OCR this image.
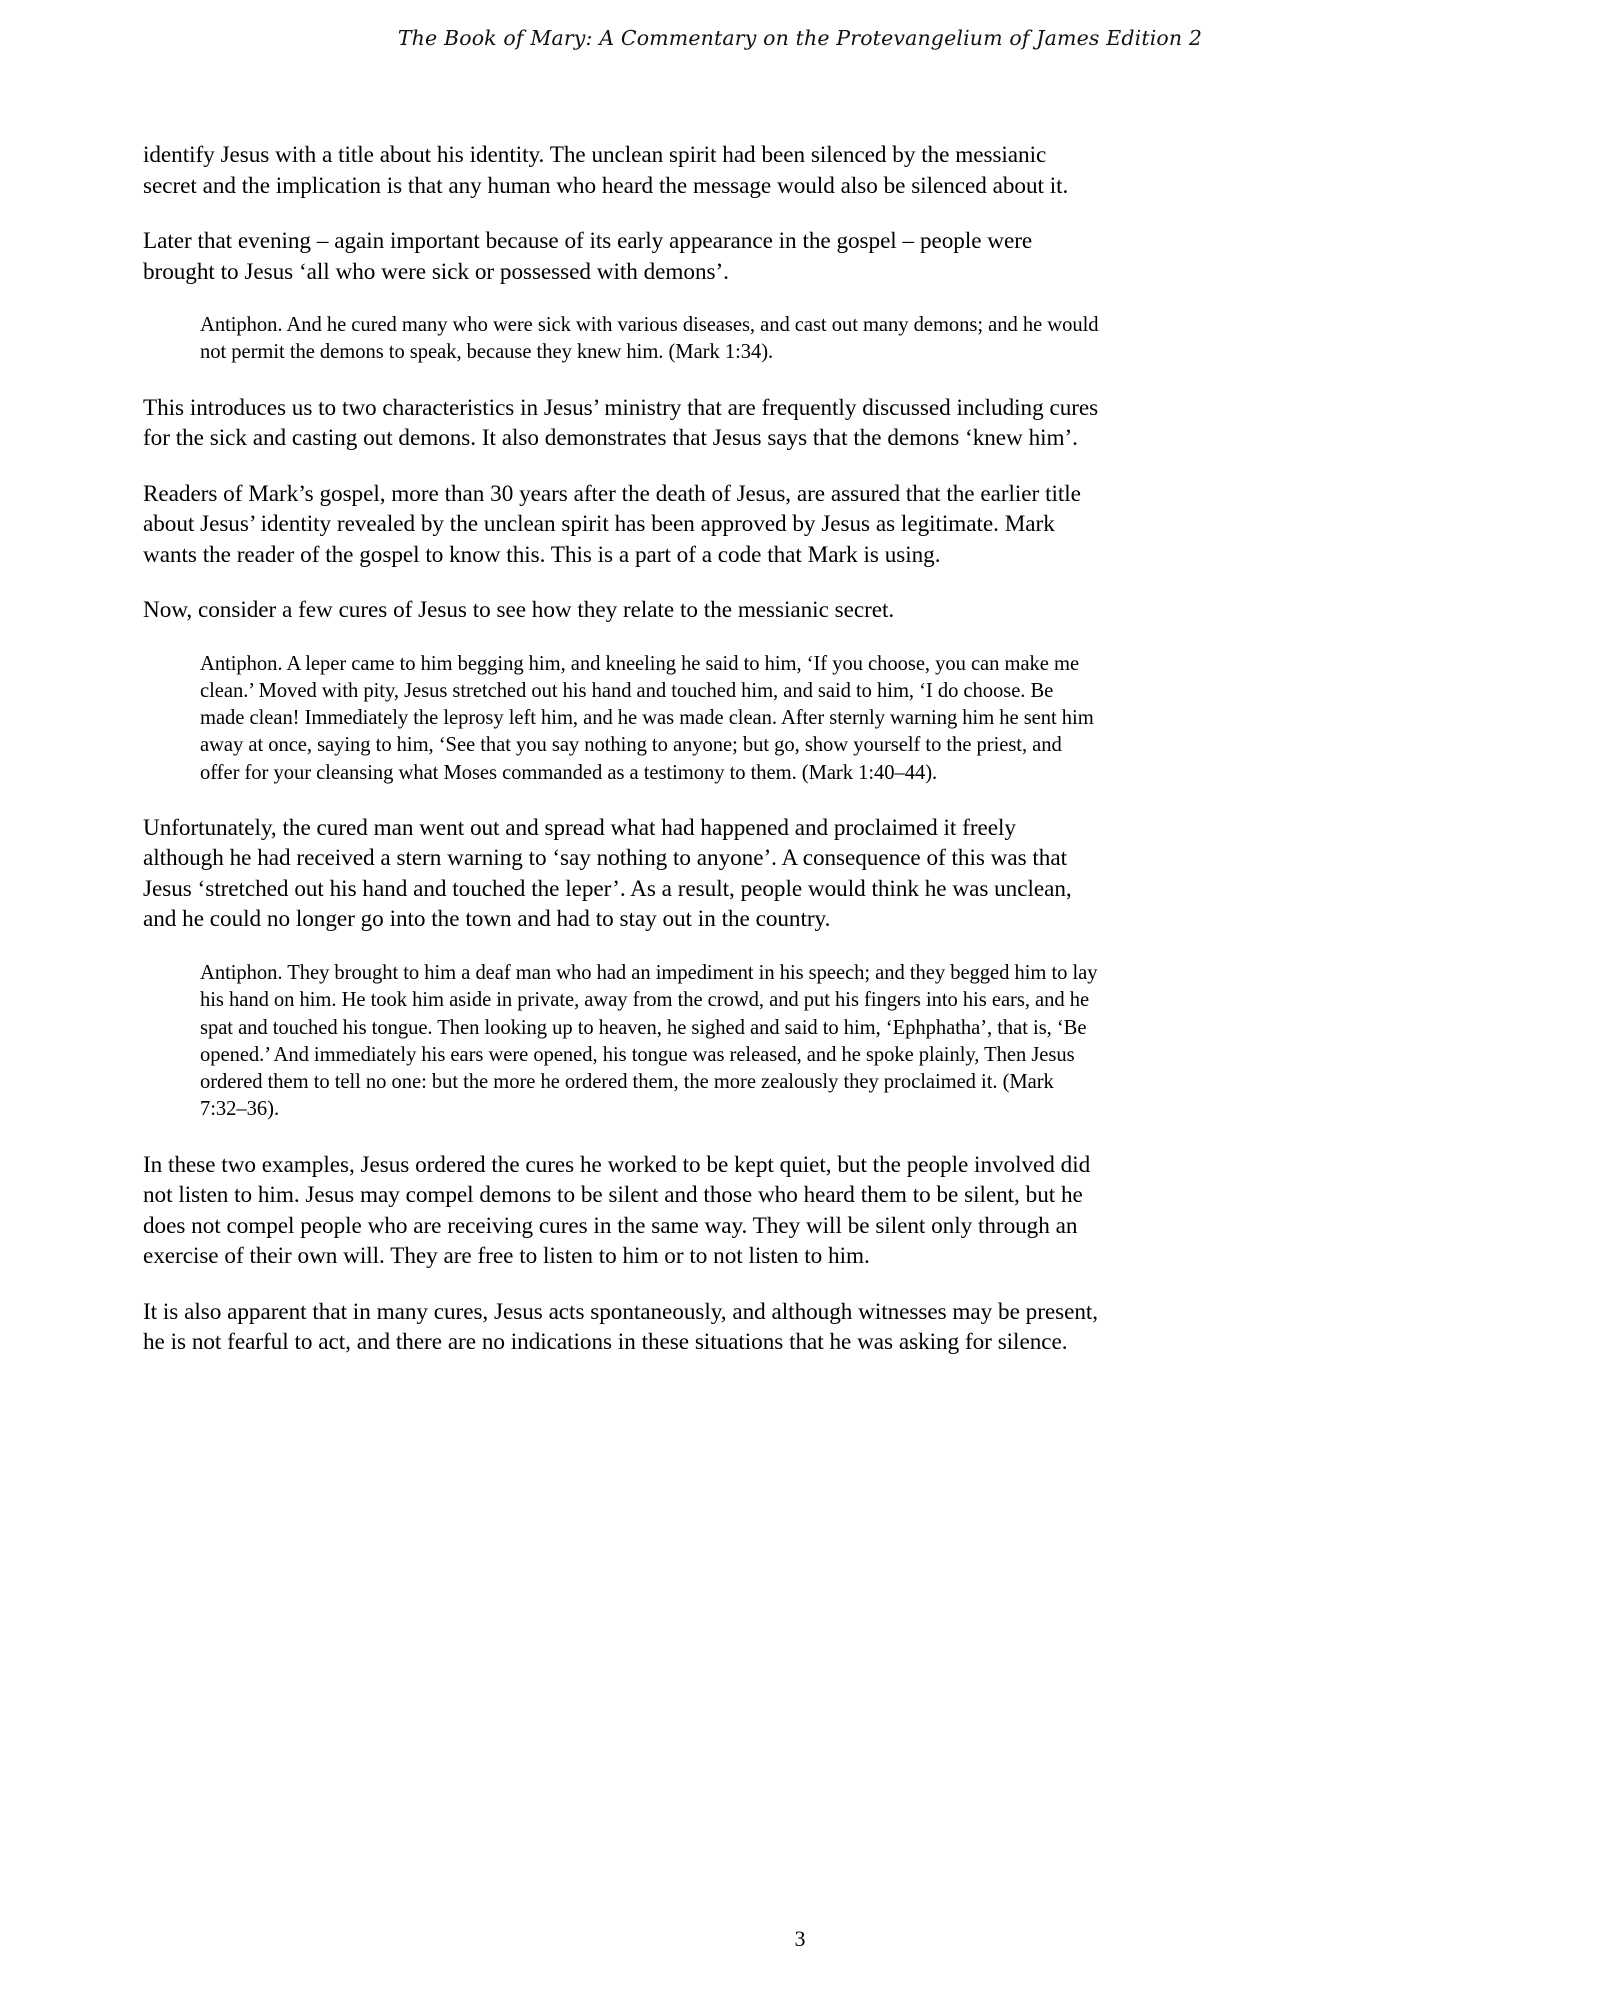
The Book of Mary: A Commentary on the Protevangelium of James Edition 2

identify Jesus with a title about his identity. The unclean spirit had been silenced by the messianic secret and the implication is that any human who heard the message would also be silenced about it.

Later that evening – again important because of its early appearance in the gospel – people were brought to Jesus ‘all who were sick or possessed with demons’.

Antiphon. And he cured many who were sick with various diseases, and cast out many demons; and he would not permit the demons to speak, because they knew him. (Mark 1:34).

This introduces us to two characteristics in Jesus’ ministry that are frequently discussed including cures for the sick and casting out demons. It also demonstrates that Jesus says that the demons ‘knew him’.

Readers of Mark’s gospel, more than 30 years after the death of Jesus, are assured that the earlier title about Jesus’ identity revealed by the unclean spirit has been approved by Jesus as legitimate. Mark wants the reader of the gospel to know this. This is a part of a code that Mark is using.

Now, consider a few cures of Jesus to see how they relate to the messianic secret.

Antiphon. A leper came to him begging him, and kneeling he said to him, ‘If you choose, you can make me clean.’ Moved with pity, Jesus stretched out his hand and touched him, and said to him, ‘I do choose. Be made clean! Immediately the leprosy left him, and he was made clean. After sternly warning him he sent him away at once, saying to him, ‘See that you say nothing to anyone; but go, show yourself to the priest, and offer for your cleansing what Moses commanded as a testimony to them. (Mark 1:40–44).

Unfortunately, the cured man went out and spread what had happened and proclaimed it freely although he had received a stern warning to ‘say nothing to anyone’. A consequence of this was that Jesus ‘stretched out his hand and touched the leper’. As a result, people would think he was unclean, and he could no longer go into the town and had to stay out in the country.

Antiphon. They brought to him a deaf man who had an impediment in his speech; and they begged him to lay his hand on him. He took him aside in private, away from the crowd, and put his fingers into his ears, and he spat and touched his tongue. Then looking up to heaven, he sighed and said to him, ‘Ephphatha’, that is, ‘Be opened.’ And immediately his ears were opened, his tongue was released, and he spoke plainly, Then Jesus ordered them to tell no one: but the more he ordered them, the more zealously they proclaimed it. (Mark 7:32–36).

In these two examples, Jesus ordered the cures he worked to be kept quiet, but the people involved did not listen to him. Jesus may compel demons to be silent and those who heard them to be silent, but he does not compel people who are receiving cures in the same way. They will be silent only through an exercise of their own will. They are free to listen to him or to not listen to him.

It is also apparent that in many cures, Jesus acts spontaneously, and although witnesses may be present, he is not fearful to act, and there are no indications in these situations that he was asking for silence.

3
